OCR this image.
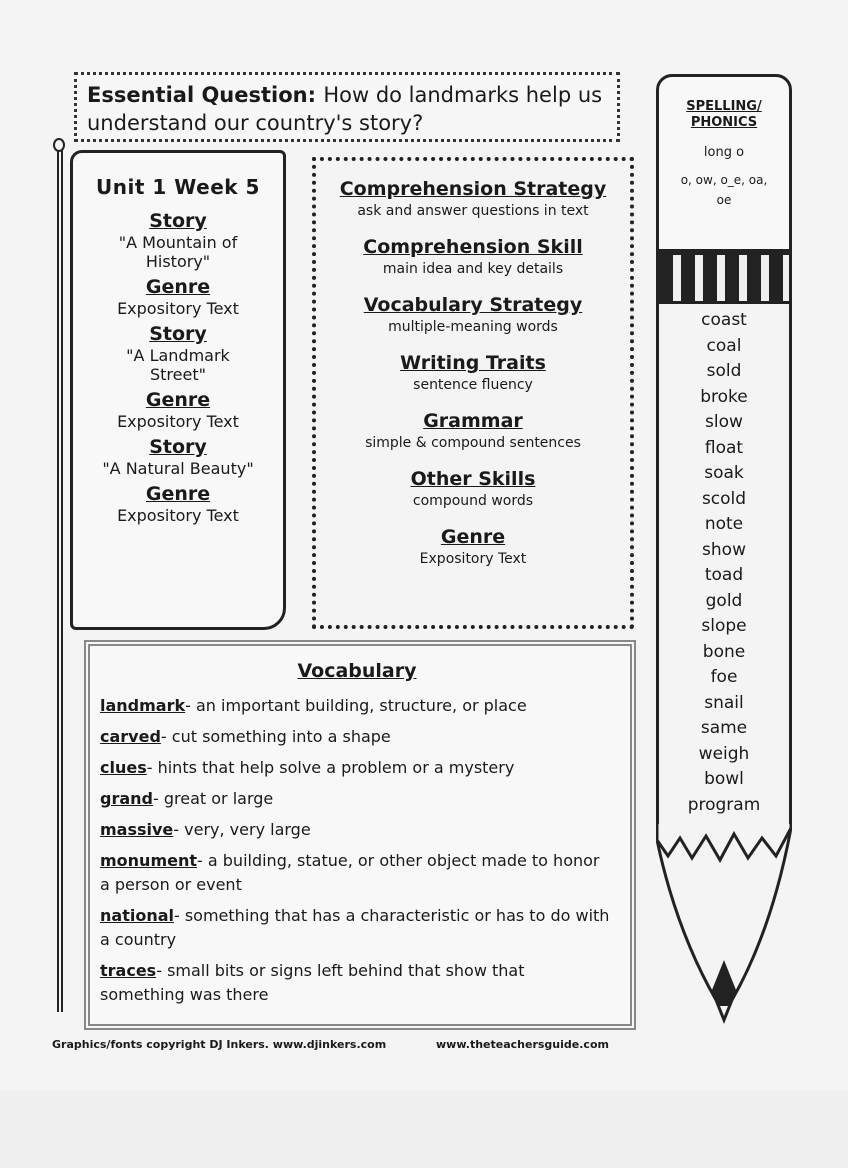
Essential Question: How do landmarks help us understand our country's story?

Unit 1 Week 5
Story
"A Mountain of History"
Genre
Expository Text
Story
"A Landmark Street"
Genre
Expository Text
Story
"A Natural Beauty"
Genre
Expository Text
Comprehension Strategy
ask and answer questions in text
Comprehension Skill
main idea and key details
Vocabulary Strategy
multiple-meaning words
Writing Traits
sentence fluency
Grammar
simple & compound sentences
Other Skills
compound words
Genre
Expository Text
Vocabulary
landmark- an important building, structure, or place
carved- cut something into a shape
clues- hints that help solve a problem or a mystery
grand- great or large
massive- very, very large
monument- a building, statue, or other object made to honor a person or event
national- something that has a characteristic or has to do with a country
traces- small bits or signs left behind that show that something was there
SPELLING/ PHONICS
long o
o, ow, o_e, oa, oe
coast
coal
sold
broke
slow
float
soak
scold
note
show
toad
gold
slope
bone
foe
snail
same
weigh
bowl
program
Graphics/fonts copyright DJ Inkers. www.djinkers.com	www.theteachersguide.com
